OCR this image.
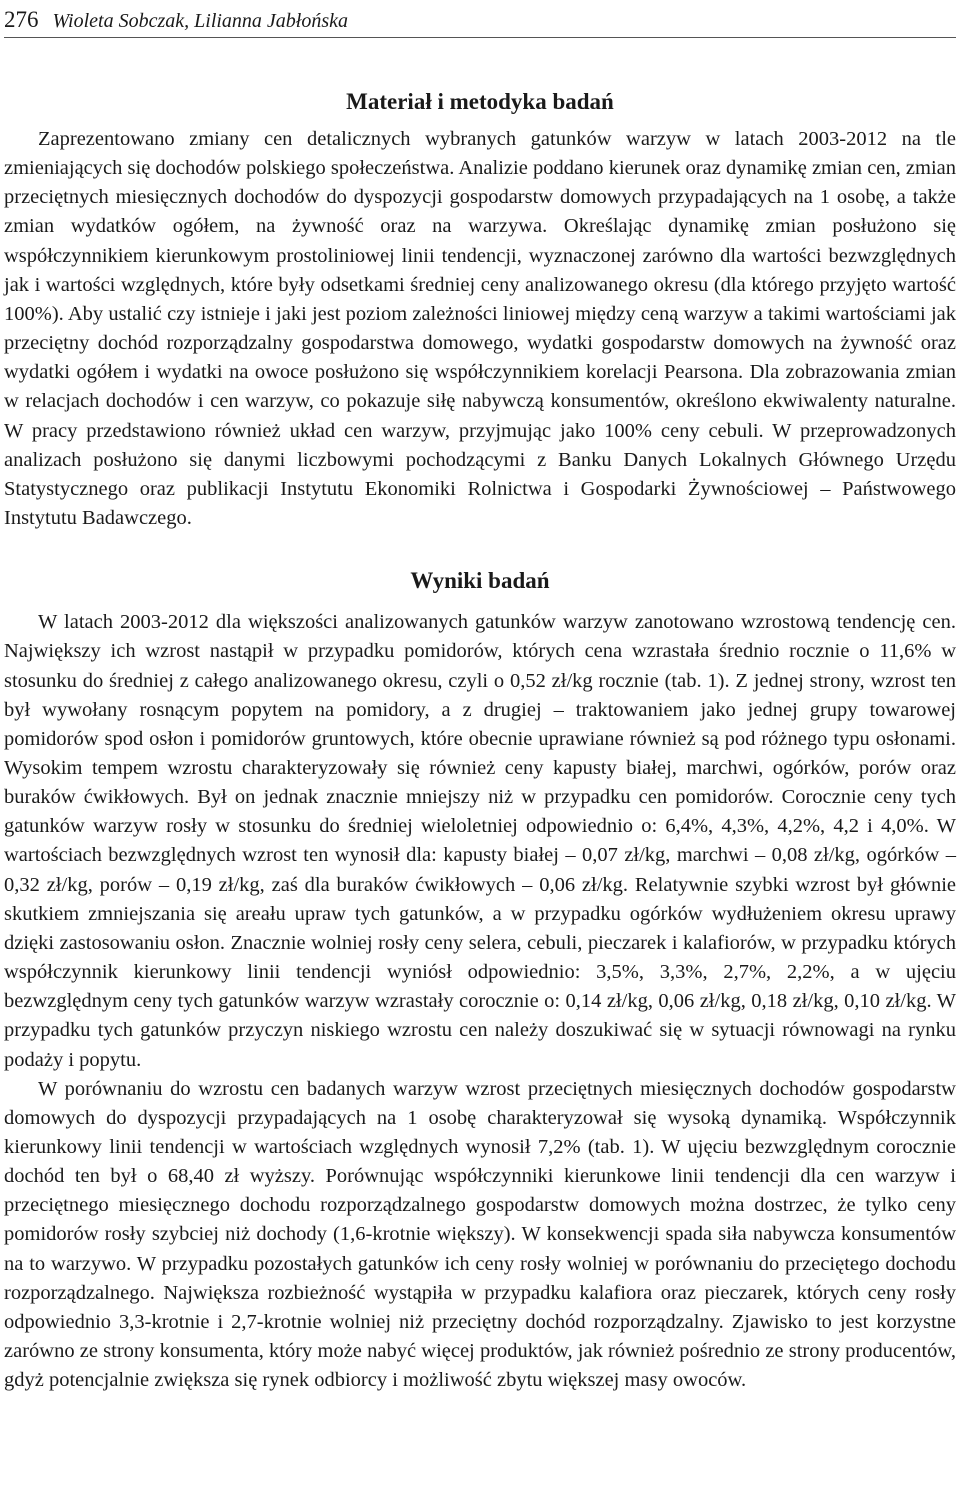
276 Wioleta Sobczak, Lilianna Jabłońska
Materiał i metodyka badań

Zaprezentowano zmiany cen detalicznych wybranych gatunków warzyw w latach 2003-2012 na tle zmieniających się dochodów polskiego społeczeństwa. Analizie poddano kierunek oraz dynamikę zmian cen, zmian przeciętnych miesięcznych dochodów do dyspozycji gospodarstw domowych przypadających na 1 osobę, a także zmian wydatków ogółem, na żywność oraz na warzywa. Określając dynamikę zmian posłużono się współczynnikiem kierunkowym prostoliniowej linii tendencji, wyznaczonej zarówno dla wartości bezwzględnych jak i wartości względnych, które były odsetkami średniej ceny analizowanego okresu (dla którego przyjęto wartość 100%). Aby ustalić czy istnieje i jaki jest poziom zależności liniowej między ceną warzyw a takimi wartościami jak przeciętny dochód rozporządzalny gospodarstwa domowego, wydatki gospodarstw domowych na żywność oraz wydatki ogółem i wydatki na owoce posłużono się współczynnikiem korelacji Pearsona. Dla zobrazowania zmian w relacjach dochodów i cen warzyw, co pokazuje siłę nabywczą konsumentów, określono ekwiwalenty naturalne. W pracy przedstawiono również układ cen warzyw, przyjmując jako 100% ceny cebuli. W przeprowadzonych analizach posłużono się danymi liczbowymi pochodzącymi z Banku Danych Lokalnych Głównego Urzędu Statystycznego oraz publikacji Instytutu Ekonomiki Rolnictwa i Gospodarki Żywnościowej – Państwowego Instytutu Badawczego.

Wyniki badań

W latach 2003-2012 dla większości analizowanych gatunków warzyw zanotowano wzrostową tendencję cen. Największy ich wzrost nastąpił w przypadku pomidorów, których cena wzrastała średnio rocznie o 11,6% w stosunku do średniej z całego analizowanego okresu, czyli o 0,52 zł/kg rocznie (tab. 1). Z jednej strony, wzrost ten był wywołany rosnącym popytem na pomidory, a z drugiej – traktowaniem jako jednej grupy towarowej pomidorów spod osłon i pomidorów gruntowych, które obecnie uprawiane również są pod różnego typu osłonami. Wysokim tempem wzrostu charakteryzowały się również ceny kapusty białej, marchwi, ogórków, porów oraz buraków ćwikłowych. Był on jednak znacznie mniejszy niż w przypadku cen pomidorów. Corocznie ceny tych gatunków warzyw rosły w stosunku do średniej wieloletniej odpowiednio o: 6,4%, 4,3%, 4,2%, 4,2 i 4,0%. W wartościach bezwzględnych wzrost ten wynosił dla: kapusty białej – 0,07 zł/kg, marchwi – 0,08 zł/kg, ogórków – 0,32 zł/kg, porów – 0,19 zł/kg, zaś dla buraków ćwikłowych – 0,06 zł/kg. Relatywnie szybki wzrost był głównie skutkiem zmniejszania się areału upraw tych gatunków, a w przypadku ogórków wydłużeniem okresu uprawy dzięki zastosowaniu osłon. Znacznie wolniej rosły ceny selera, cebuli, pieczarek i kalafiorów, w przypadku których współczynnik kierunkowy linii tendencji wyniósł odpowiednio: 3,5%, 3,3%, 2,7%, 2,2%, a w ujęciu bezwzględnym ceny tych gatunków warzyw wzrastały corocznie o: 0,14 zł/kg, 0,06 zł/kg, 0,18 zł/kg, 0,10 zł/kg. W przypadku tych gatunków przyczyn niskiego wzrostu cen należy doszukiwać się w sytuacji równowagi na rynku podaży i popytu.

W porównaniu do wzrostu cen badanych warzyw wzrost przeciętnych miesięcznych dochodów gospodarstw domowych do dyspozycji przypadających na 1 osobę charakteryzował się wysoką dynamiką. Współczynnik kierunkowy linii tendencji w wartościach względnych wynosił 7,2% (tab. 1). W ujęciu bezwzględnym corocznie dochód ten był o 68,40 zł wyższy. Porównując współczynniki kierunkowe linii tendencji dla cen warzyw i przeciętnego miesięcznego dochodu rozporządzalnego gospodarstw domowych można dostrzec, że tylko ceny pomidorów rosły szybciej niż dochody (1,6-krotnie większy). W konsekwencji spada siła nabywcza konsumentów na to warzywo. W przypadku pozostałych gatunków ich ceny rosły wolniej w porównaniu do przeciętego dochodu rozporządzalnego. Największa rozbieżność wystąpiła w przypadku kalafiora oraz pieczarek, których ceny rosły odpowiednio 3,3-krotnie i 2,7-krotnie wolniej niż przeciętny dochód rozporządzalny. Zjawisko to jest korzystne zarówno ze strony konsumenta, który może nabyć więcej produktów, jak również pośrednio ze strony producentów, gdyż potencjalnie zwiększa się rynek odbiorcy i możliwość zbytu większej masy owoców.
